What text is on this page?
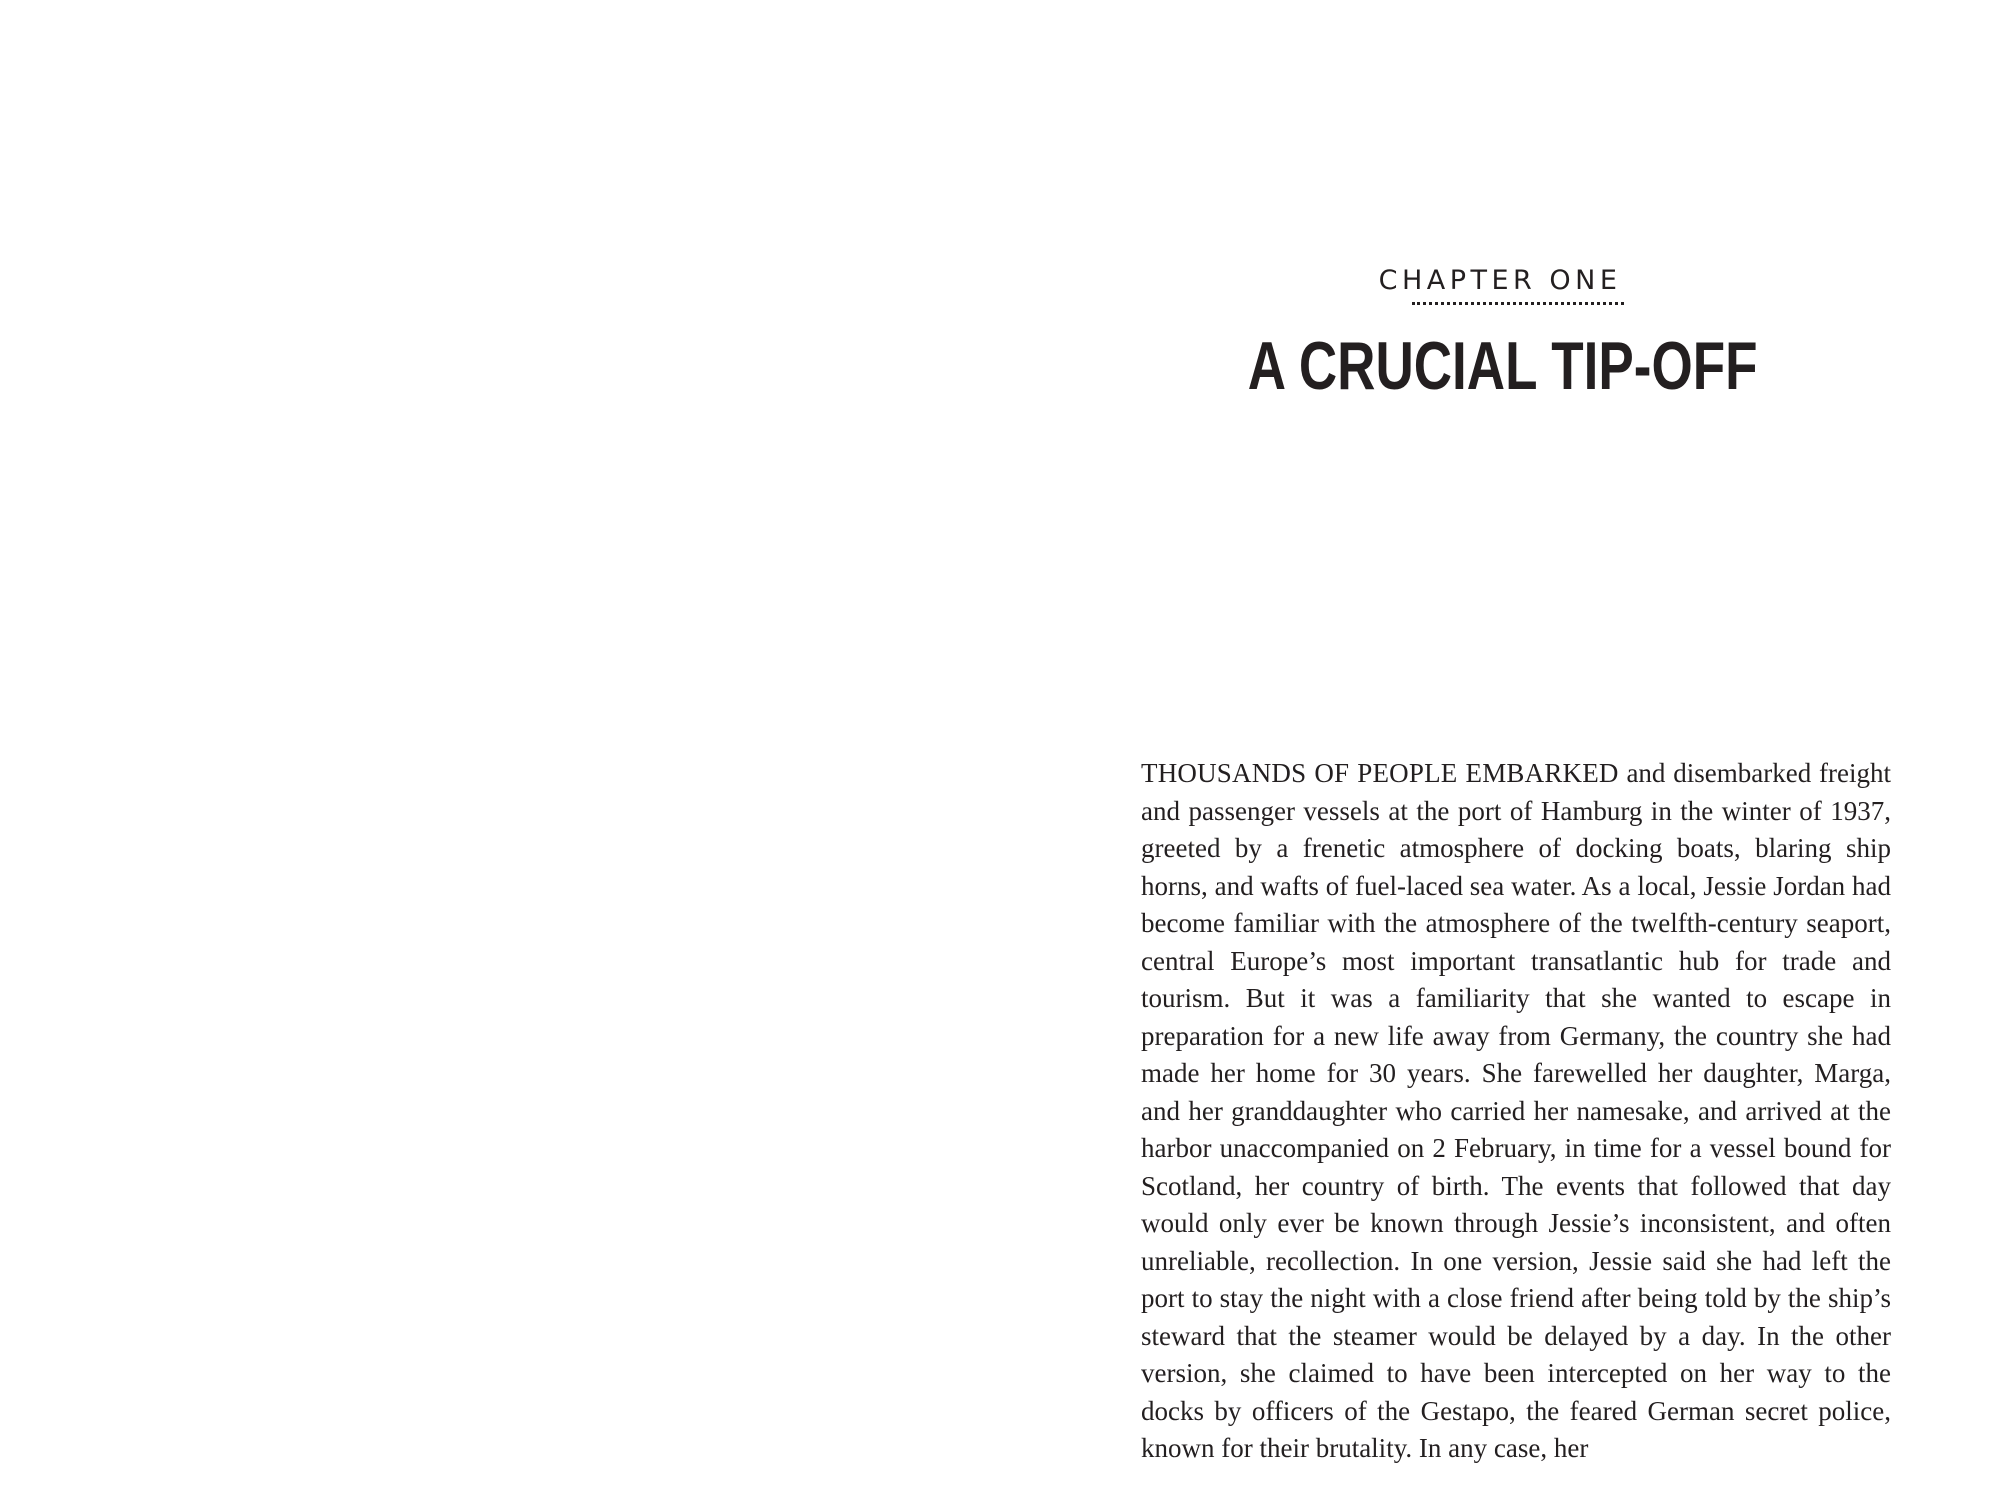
CHAPTER ONE
A CRUCIAL TIP-OFF

THOUSANDS OF PEOPLE EMBARKED and disembarked freight and passenger vessels at the port of Hamburg in the winter of 1937, greeted by a frenetic atmosphere of docking boats, blaring ship horns, and wafts of fuel-laced sea water. As a local, Jessie Jordan had become familiar with the atmosphere of the twelfth-century seaport, central Europe’s most important transatlantic hub for trade and tourism. But it was a familiarity that she wanted to escape in preparation for a new life away from Germany, the country she had made her home for 30 years. She farewelled her daughter, Marga, and her granddaughter who carried her namesake, and arrived at the harbor unaccompanied on 2 February, in time for a vessel bound for Scotland, her country of birth. The events that followed that day would only ever be known through Jessie’s inconsistent, and often unreliable, recollection. In one version, Jessie said she had left the port to stay the night with a close friend after being told by the ship’s steward that the steamer would be delayed by a day. In the other version, she claimed to have been intercepted on her way to the docks by officers of the Gestapo, the feared German secret police, known for their brutality. In any case, her
